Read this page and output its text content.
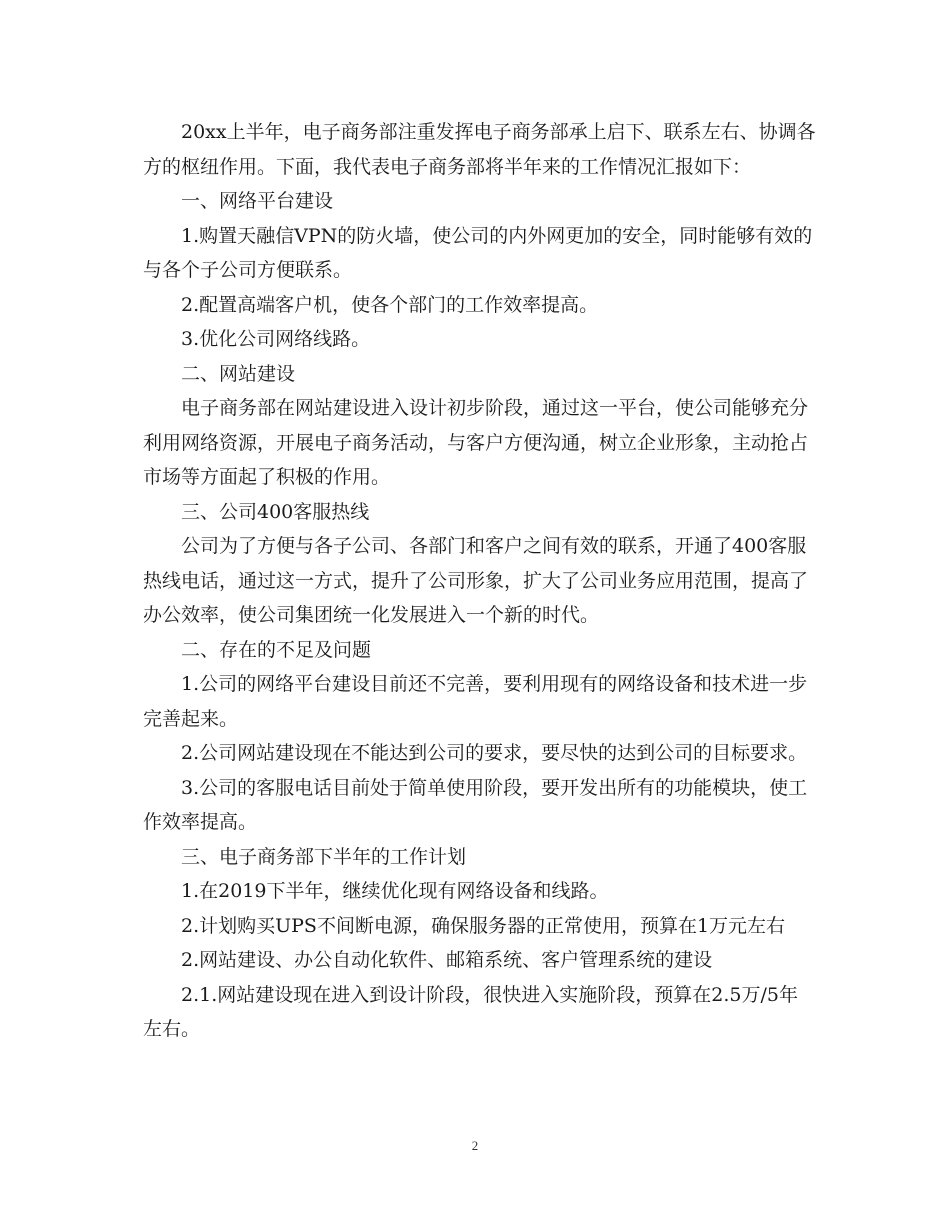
20xx上半年，电子商务部注重发挥电子商务部承上启下、联系左右、协调各
方的枢纽作用。下面，我代表电子商务部将半年来的工作情况汇报如下：

一、网络平台建设

1.购置天融信VPN的防火墙，使公司的内外网更加的安全，同时能够有效的
与各个子公司方便联系。

2.配置高端客户机，使各个部门的工作效率提高。

3.优化公司网络线路。

二、网站建设

电子商务部在网站建设进入设计初步阶段，通过这一平台，使公司能够充分
利用网络资源，开展电子商务活动，与客户方便沟通，树立企业形象，主动抢占
市场等方面起了积极的作用。

三、公司400客服热线

公司为了方便与各子公司、各部门和客户之间有效的联系，开通了400客服
热线电话，通过这一方式，提升了公司形象，扩大了公司业务应用范围，提高了
办公效率，使公司集团统一化发展进入一个新的时代。

二、存在的不足及问题

1.公司的网络平台建设目前还不完善，要利用现有的网络设备和技术进一步
完善起来。

2.公司网站建设现在不能达到公司的要求，要尽快的达到公司的目标要求。

3.公司的客服电话目前处于简单使用阶段，要开发出所有的功能模块，使工
作效率提高。

三、电子商务部下半年的工作计划

1.在2019下半年，继续优化现有网络设备和线路。

2.计划购买UPS不间断电源，确保服务器的正常使用，预算在1万元左右

2.网站建设、办公自动化软件、邮箱系统、客户管理系统的建设

2.1.网站建设现在进入到设计阶段，很快进入实施阶段，预算在2.5万/5年
左右。

2
